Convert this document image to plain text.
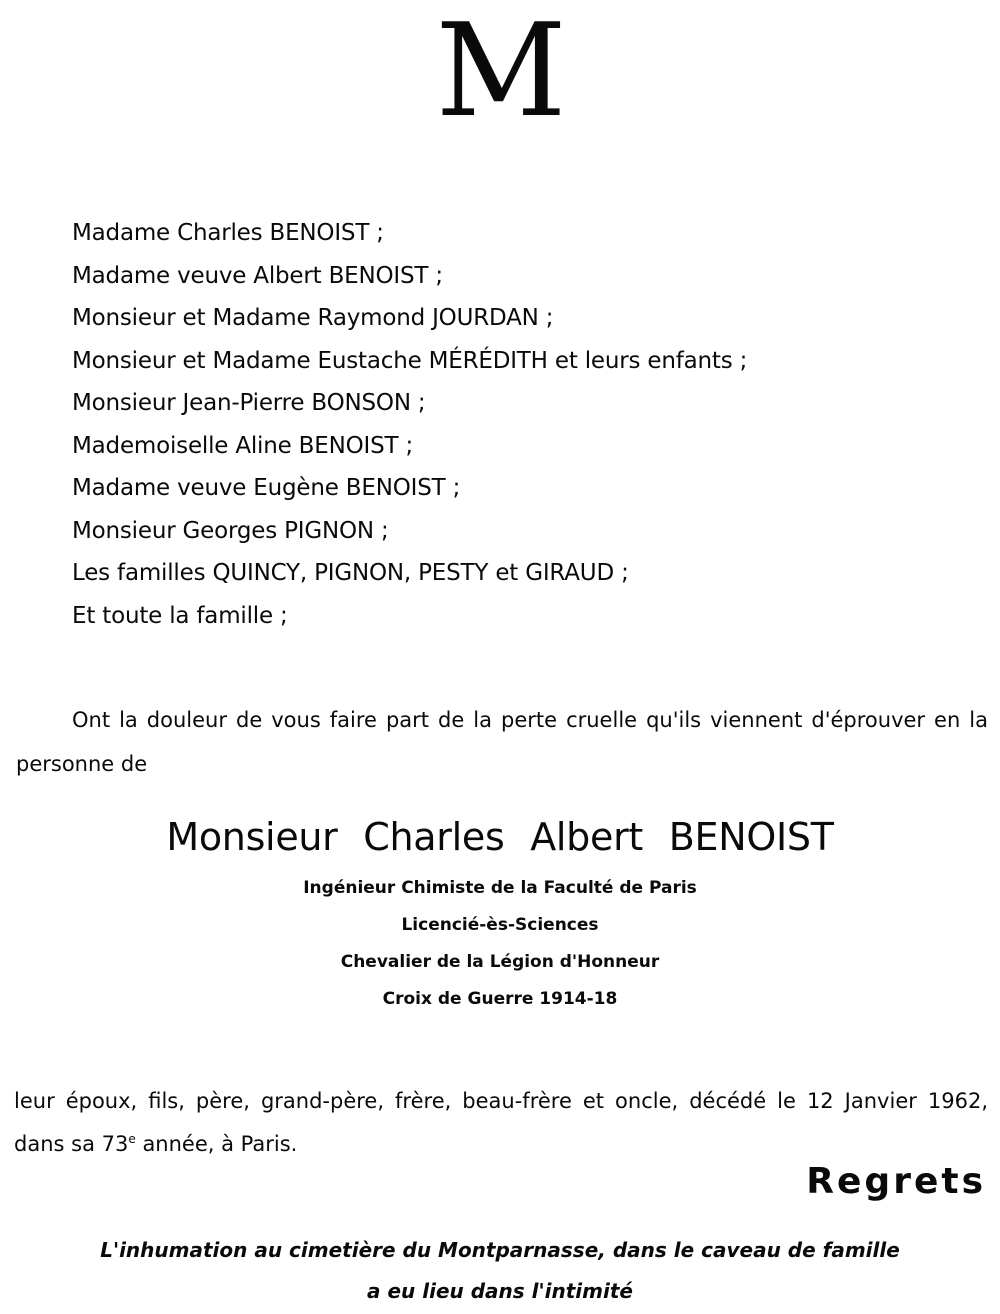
M
Madame Charles BENOIST ;
Madame veuve Albert BENOIST ;
Monsieur et Madame Raymond JOURDAN ;
Monsieur et Madame Eustache MÉRÉDITH et leurs enfants ;
Monsieur Jean-Pierre BONSON ;
Mademoiselle Aline BENOIST ;
Madame veuve Eugène BENOIST ;
Monsieur Georges PIGNON ;
Les familles QUINCY, PIGNON, PESTY et GIRAUD ;
Et toute la famille ;

Ont la douleur de vous faire part de la perte cruelle qu'ils viennent d'éprouver en la personne de

Monsieur Charles Albert BENOIST
Ingénieur Chimiste de la Faculté de Paris
Licencié-ès-Sciences
Chevalier de la Légion d'Honneur
Croix de Guerre 1914-18

leur époux, fils, père, grand-père, frère, beau-frère et oncle, décédé le 12 Janvier 1962, dans sa 73e année, à Paris.

Regrets

L'inhumation au cimetière du Montparnasse, dans le caveau de famille
a eu lieu dans l'intimité
